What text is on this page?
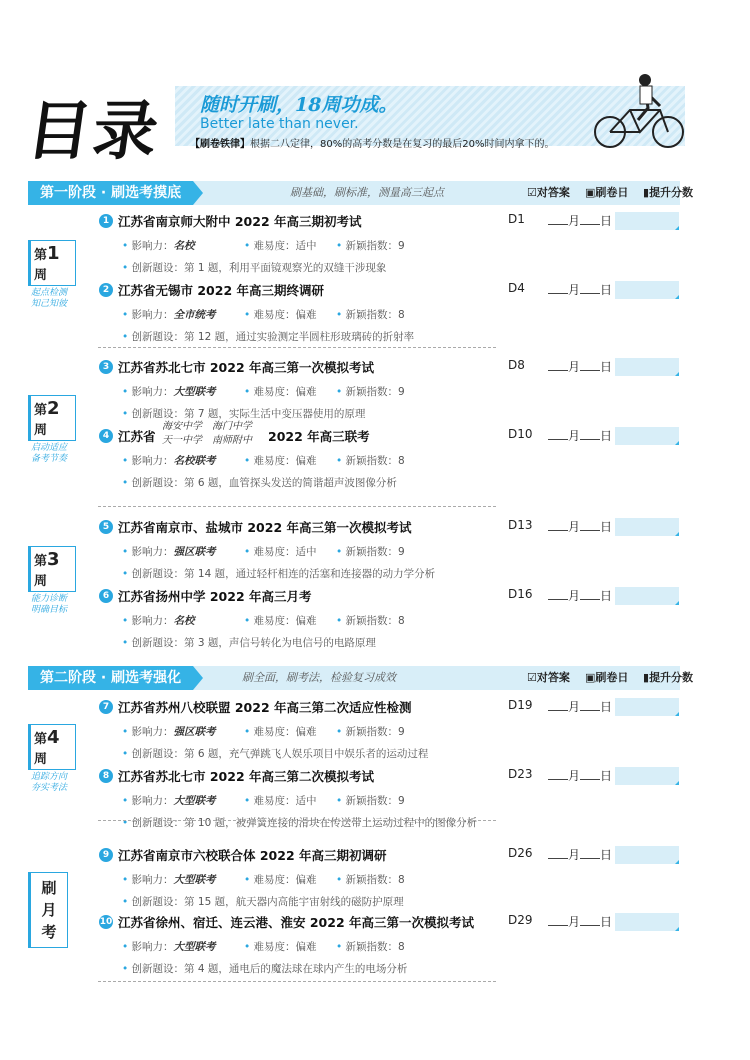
目录 随时开刷，18周功成。
Better late than never.
【刷卷铁律】根据二八定律，80%的高考分数是在复习的最后20%时间内拿下的。
第一阶段 · 刷选考摸底	刷基础，刷标准，测量高三起点	☑对答案 ▣刷卷日 ▮提升分数
第二阶段 · 刷选考强化	刷全面，刷考法，检验复习成效	☑对答案 ▣刷卷日 ▮提升分数
第1周
起点检测 知己知彼
第2周
启动适应 备考节奏
第3周
能力诊断 明确目标
第4周
追踪方向 夯实考法
刷
月
考
1 江苏省南京师大附中 2022 年高三期初考试
• 影响力：名校	• 难易度：适中 • 新颖指数：9
• 创新题设：第 1 题，利用平面镜观察光的双缝干涉现象
D1	月 日
2 江苏省无锡市 2022 年高三期终调研
• 影响力：全市统考	• 难易度：偏难 • 新颖指数：8
• 创新题设：第 12 题，通过实验测定半圆柱形玻璃砖的折射率
D4	月 日
3 江苏省苏北七市 2022 年高三第一次模拟考试
• 影响力：大型联考	• 难易度：偏难 • 新颖指数：9
• 创新题设：第 7 题，实际生活中变压器使用的原理
D8	月 日
4 江苏省
海安中学　海门中学
天一中学　南师附中 2022 年高三联考
• 影响力：名校联考	• 难易度：偏难 • 新颖指数：8
• 创新题设：第 6 题，血管探头发送的简谐超声波图像分析
D10	月 日
5 江苏省南京市、盐城市 2022 年高三第一次模拟考试
• 影响力：强区联考	• 难易度：适中 • 新颖指数：9
• 创新题设：第 14 题，通过轻杆相连的活塞和连接器的动力学分析
D13	月 日
6 江苏省扬州中学 2022 年高三月考
• 影响力：名校	• 难易度：偏难 • 新颖指数：8
• 创新题设：第 3 题，声信号转化为电信号的电路原理
D16	月 日
7 江苏省苏州八校联盟 2022 年高三第二次适应性检测
• 影响力：强区联考	• 难易度：偏难 • 新颖指数：9
• 创新题设：第 6 题，充气弹跳飞人娱乐项目中娱乐者的运动过程
D19	月 日
8 江苏省苏北七市 2022 年高三第二次模拟考试
• 影响力：大型联考	• 难易度：适中 • 新颖指数：9
• 创新题设：第 10 题，被弹簧连接的滑块在传送带上运动过程中的图像分析
D23	月 日
9 江苏省南京市六校联合体 2022 年高三期初调研
• 影响力：大型联考	• 难易度：偏难 • 新颖指数：8
• 创新题设：第 15 题，航天器内高能宇宙射线的磁防护原理
D26	月 日
10 江苏省徐州、宿迁、连云港、淮安 2022 年高三第一次模拟考试
• 影响力：大型联考	• 难易度：偏难 • 新颖指数：8
• 创新题设：第 4 题，通电后的魔法球在球内产生的电场分析
D29	月 日
